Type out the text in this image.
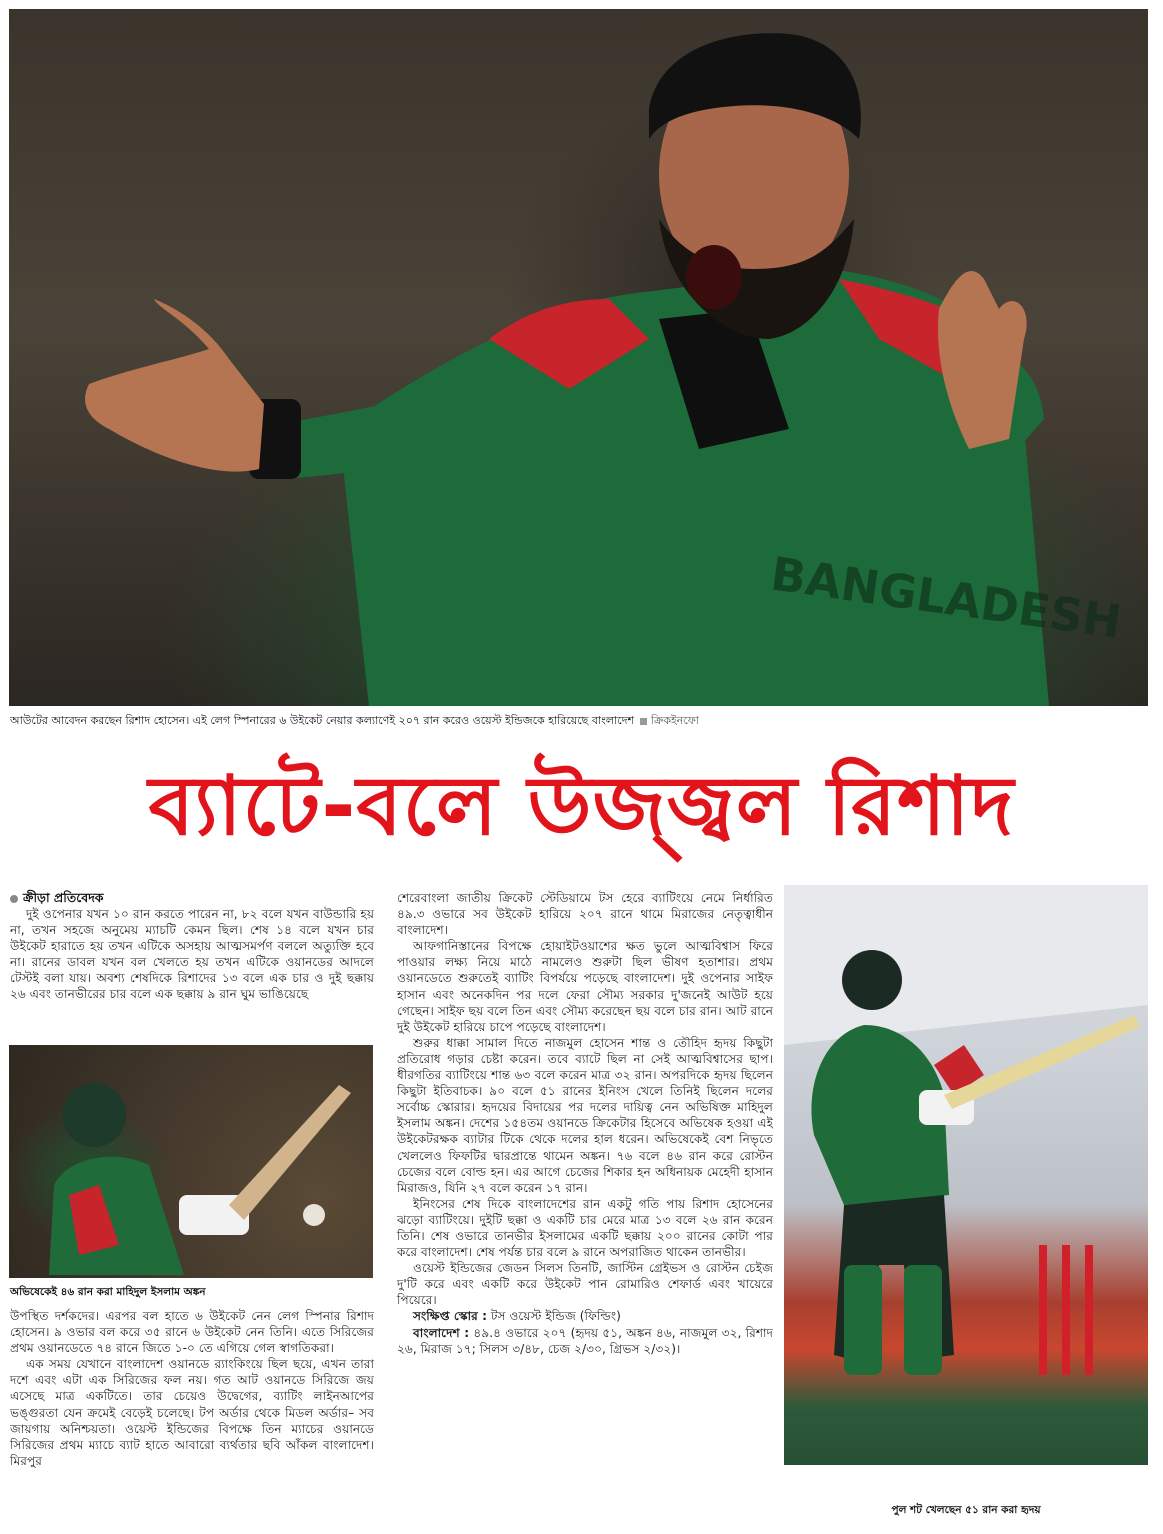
BANGLADESH
আউটের আবেদন করছেন রিশাদ হোসেন। এই লেগ স্পিনারের ৬ উইকেট নেয়ার কল্যাণেই ২০৭ রান করেও ওয়েস্ট ইন্ডিজকে হারিয়েছে বাংলাদেশ ক্রিকইনফো
ব্যাটে-বলে উজ্জ্বল রিশাদ
ক্রীড়া প্রতিবেদক

দুই ওপেনার যখন ১০ রান করতে পারেন না, ৮২ বলে যখন বাউন্ডারি হয় না, তখন সহজে অনুমেয় ম্যাচটি কেমন ছিল। শেষ ১৪ বলে যখন চার উইকেট হারাতে হয় তখন এটিকে অসহায় আত্মসমর্পণ বললে অত্যুক্তি হবে না। রানের ডাবল যখন বল খেলতে হয় তখন এটিকে ওয়ানডের আদলে টেস্টই বলা যায়। অবশ্য শেষদিকে রিশাদের ১৩ বলে এক চার ও দুই ছক্কায় ২৬ এবং তানভীরের চার বলে এক ছক্কায় ৯ রান ঘুম ভাঙিয়েছে

অভিষেকেই ৪৬ রান করা মাহিদুল ইসলাম অঙ্কন

উপস্থিত দর্শকদের। এরপর বল হাতে ৬ উইকেট নেন লেগ স্পিনার রিশাদ হোসেন। ৯ ওভার বল করে ৩৫ রানে ৬ উইকেট নেন তিনি। এতে সিরিজের প্রথম ওয়ানডেতে ৭৪ রানে জিতে ১-০ তে এগিয়ে গেল স্বাগতিকরা।

এক সময় যেখানে বাংলাদেশ ওয়ানডে র‍্যাংকিংয়ে ছিল ছয়ে, এখন তারা দশে এবং এটা এক সিরিজের ফল নয়। গত আট ওয়ানডে সিরিজে জয় এসেছে মাত্র একটিতে। তার চেয়েও উদ্বেগের, ব্যাটিং লাইনআপের ভঙ্গুরতা যেন ক্রমেই বেড়েই চলেছে। টপ অর্ডার থেকে মিডল অর্ডার– সব জায়গায় অনিশ্চয়তা। ওয়েস্ট ইন্ডিজের বিপক্ষে তিন ম্যাচের ওয়ানডে সিরিজের প্রথম ম্যাচে ব্যাট হাতে আবারো ব্যর্থতার ছবি আঁকল বাংলাদেশ। মিরপুর

শেরেবাংলা জাতীয় ক্রিকেট স্টেডিয়ামে টস হেরে ব্যাটিংয়ে নেমে নির্ধারিত ৪৯.৩ ওভারে সব উইকেট হারিয়ে ২০৭ রানে থামে মিরাজের নেতৃত্বাধীন বাংলাদেশ।

আফগানিস্তানের বিপক্ষে হোয়াইটওয়াশের ক্ষত ভুলে আত্মবিশ্বাস ফিরে পাওয়ার লক্ষ্য নিয়ে মাঠে নামলেও শুরুটা ছিল ভীষণ হতাশার। প্রথম ওয়ানডেতে শুরুতেই ব্যাটিং বিপর্যয়ে পড়েছে বাংলাদেশ। দুই ওপেনার সাইফ হাসান এবং অনেকদিন পর দলে ফেরা সৌম্য সরকার দু'জনেই আউট হয়ে গেছেন। সাইফ ছয় বলে তিন এবং সৌম্য করেছেন ছয় বলে চার রান। আট রানে দুই উইকেট হারিয়ে চাপে পড়েছে বাংলাদেশ।

শুরুর ধাক্কা সামাল দিতে নাজমুল হোসেন শান্ত ও তৌহিদ হৃদয় কিছুটা প্রতিরোধ গড়ার চেষ্টা করেন। তবে ব্যাটে ছিল না সেই আত্মবিশ্বাসের ছাপ। ধীরগতির ব্যাটিংয়ে শান্ত ৬৩ বলে করেন মাত্র ৩২ রান। অপরদিকে হৃদয় ছিলেন কিছুটা ইতিবাচক। ৯০ বলে ৫১ রানের ইনিংস খেলে তিনিই ছিলেন দলের সর্বোচ্চ স্কোরার। হৃদয়ের বিদায়ের পর দলের দায়িত্ব নেন অভিষিক্ত মাহিদুল ইসলাম অঙ্কন। দেশের ১৫৪তম ওয়ানডে ক্রিকেটার হিসেবে অভিষেক হওয়া এই উইকেটরক্ষক ব্যাটার টিকে থেকে দলের হাল ধরেন। অভিষেকেই বেশ নিভৃতে খেললেও ফিফটির দ্বারপ্রান্তে থামেন অঙ্কন। ৭৬ বলে ৪৬ রান করে রোস্টন চেজের বলে বোল্ড হন। এর আগে চেজের শিকার হন অধিনায়ক মেহেদী হাসান মিরাজও, যিনি ২৭ বলে করেন ১৭ রান।

ইনিংসের শেষ দিকে বাংলাদেশের রান একটু গতি পায় রিশাদ হোসেনের ঝড়ো ব্যাটিংয়ে। দুইটি ছক্কা ও একটি চার মেরে মাত্র ১৩ বলে ২৬ রান করেন তিনি। শেষ ওভারে তানভীর ইসলামের একটি ছক্কায় ২০০ রানের কোটা পার করে বাংলাদেশ। শেষ পর্যন্ত চার বলে ৯ রানে অপরাজিত থাকেন তানভীর।

ওয়েস্ট ইন্ডিজের জেডন সিলস তিনটি, জাস্টিন গ্রেইভস ও রোস্টন চেইজ দু'টি করে এবং একটি করে উইকেট পান রোমারিও শেফার্ড এবং খায়েরে পিয়েরে।

সংক্ষিপ্ত স্কোর : টস ওয়েস্ট ইন্ডিজ (ফিল্ডিং)

বাংলাদেশ : ৪৯.৪ ওভারে ২০৭ (হৃদয় ৫১, অঙ্কন ৪৬, নাজমুল ৩২, রিশাদ ২৬, মিরাজ ১৭; সিলস ৩/৪৮, চেজ ২/৩০, গ্রিভস ২/৩২)।

পুল শট খেলছেন ৫১ রান করা হৃদয়
